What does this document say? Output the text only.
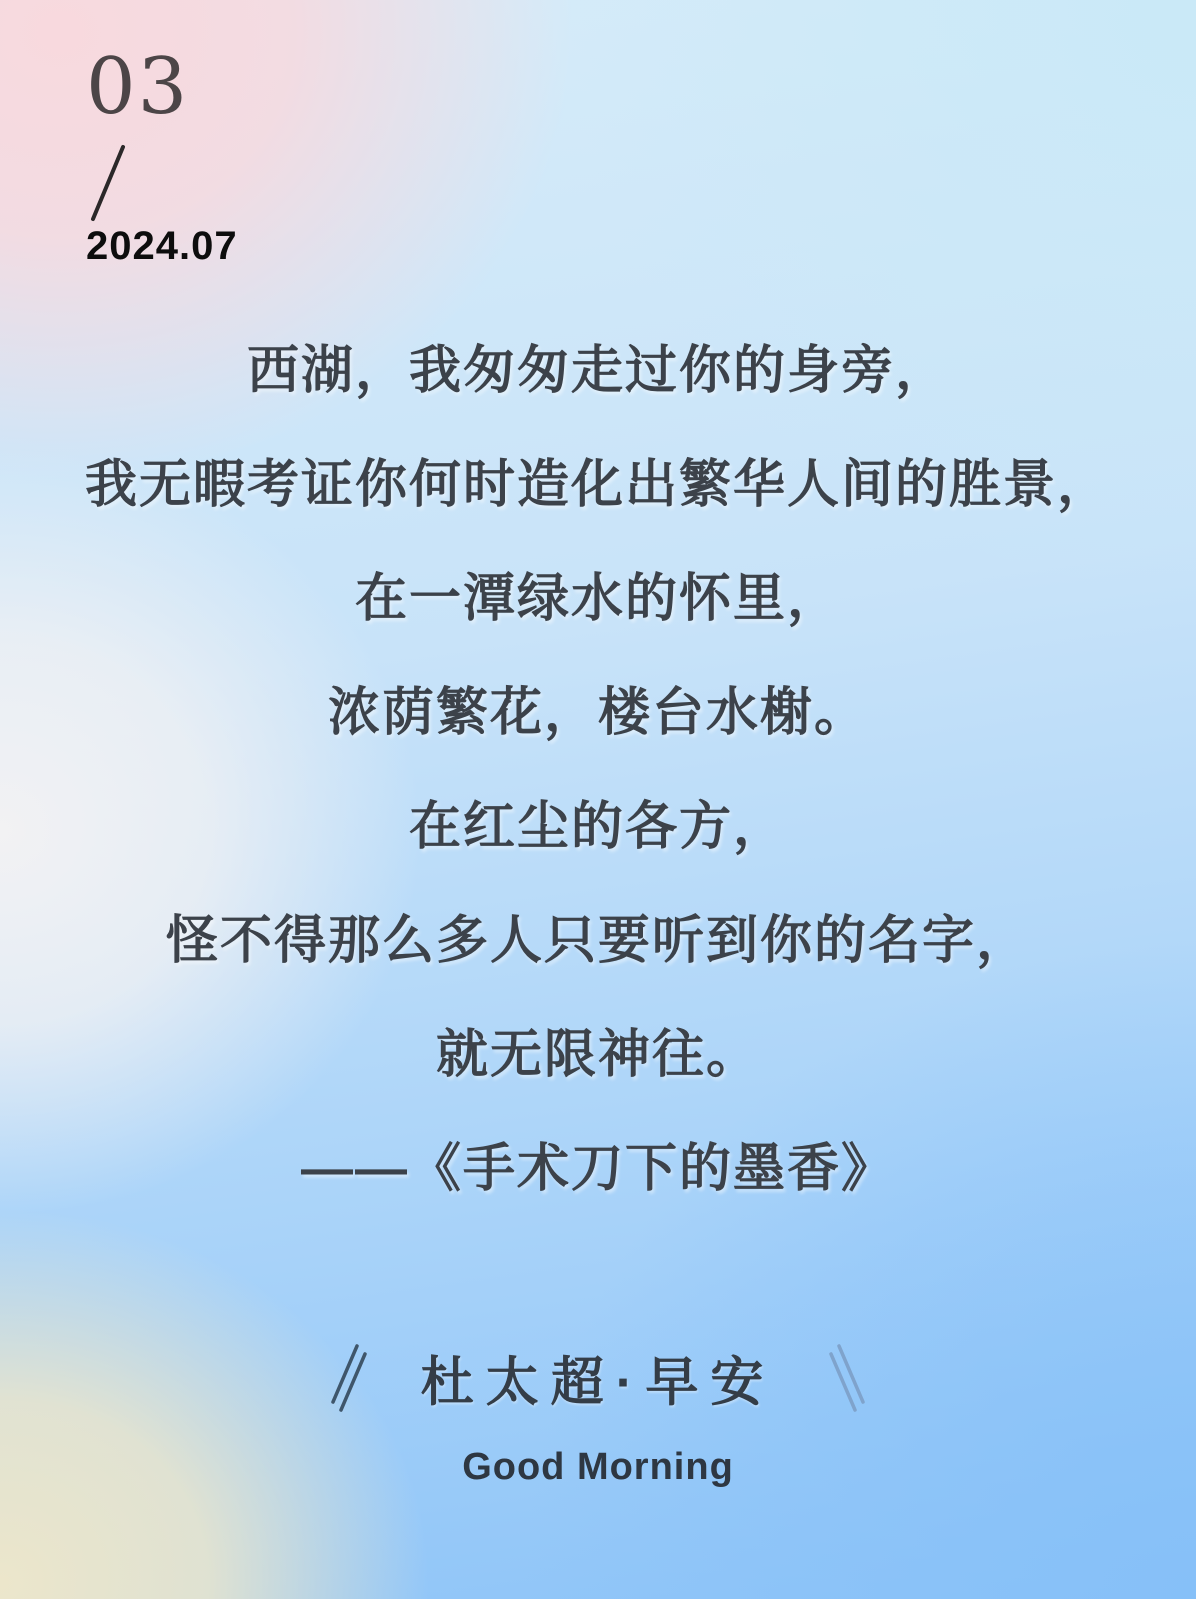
03
2024.07
西湖，我匆匆走过你的身旁，
我无暇考证你何时造化出繁华人间的胜景，
在一潭绿水的怀里，
浓荫繁花，楼台水榭。
在红尘的各方，
怪不得那么多人只要听到你的名字，
就无限神往。
——《手术刀下的墨香》
杜太超·早安
Good Morning
